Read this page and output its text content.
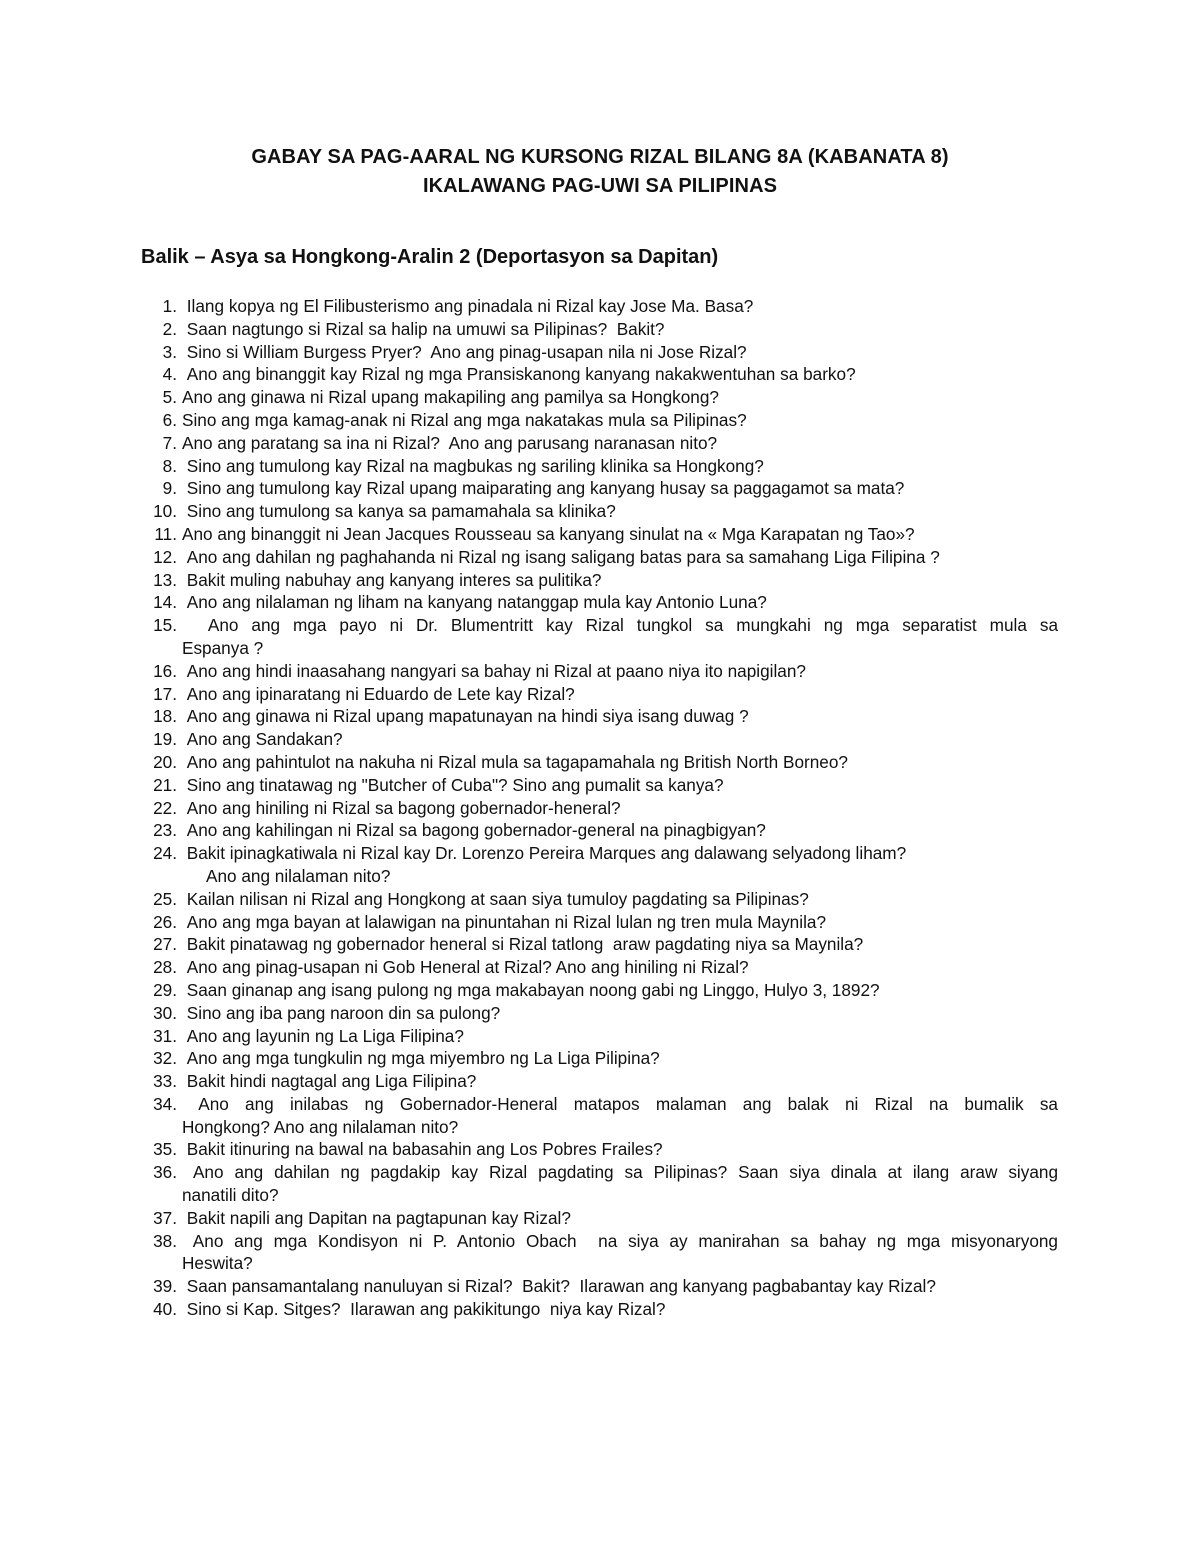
GABAY SA PAG-AARAL NG KURSONG RIZAL BILANG 8A (KABANATA 8)
IKALAWANG PAG-UWI SA PILIPINAS
Balik – Asya sa Hongkong-Aralin 2 (Deportasyon sa Dapitan)
1. Ilang kopya ng El Filibusterismo ang pinadala ni Rizal kay Jose Ma. Basa?
2. Saan nagtungo si Rizal sa halip na umuwi sa Pilipinas?  Bakit?
3. Sino si William Burgess Pryer?  Ano ang pinag-usapan nila ni Jose Rizal?
4. Ano ang binanggit kay Rizal ng mga Pransiskanong kanyang nakakwentuhan sa barko?
5. Ano ang ginawa ni Rizal upang makapiling ang pamilya sa Hongkong?
6. Sino ang mga kamag-anak ni Rizal ang mga nakatakas mula sa Pilipinas?
7. Ano ang paratang sa ina ni Rizal?  Ano ang parusang naranasan nito?
8. Sino ang tumulong kay Rizal na magbukas ng sariling klinika sa Hongkong?
9. Sino ang tumulong kay Rizal upang maiparating ang kanyang husay sa paggagamot sa mata?
10. Sino ang tumulong sa kanya sa pamamahala sa klinika?
11. Ano ang binanggit ni Jean Jacques Rousseau sa kanyang sinulat na « Mga Karapatan ng Tao»?
12. Ano ang dahilan ng paghahanda ni Rizal ng isang saligang batas para sa samahang Liga Filipina ?
13. Bakit muling nabuhay ang kanyang interes sa pulitika?
14. Ano ang nilalaman ng liham na kanyang natanggap mula kay Antonio Luna?
15. Ano ang mga payo ni Dr. Blumentritt kay Rizal tungkol sa mungkahi ng mga separatist mula sa
Espanya ?
16. Ano ang hindi inaasahang nangyari sa bahay ni Rizal at paano niya ito napigilan?
17. Ano ang ipinaratang ni Eduardo de Lete kay Rizal?
18. Ano ang ginawa ni Rizal upang mapatunayan na hindi siya isang duwag ?
19. Ano ang Sandakan?
20. Ano ang pahintulot na nakuha ni Rizal mula sa tagapamahala ng British North Borneo?
21. Sino ang tinatawag ng "Butcher of Cuba"? Sino ang pumalit sa kanya?
22. Ano ang hiniling ni Rizal sa bagong gobernador-heneral?
23. Ano ang kahilingan ni Rizal sa bagong gobernador-general na pinagbigyan?
24. Bakit ipinagkatiwala ni Rizal kay Dr. Lorenzo Pereira Marques ang dalawang selyadong liham?
Ano ang nilalaman nito?
25. Kailan nilisan ni Rizal ang Hongkong at saan siya tumuloy pagdating sa Pilipinas?
26. Ano ang mga bayan at lalawigan na pinuntahan ni Rizal lulan ng tren mula Maynila?
27. Bakit pinatawag ng gobernador heneral si Rizal tatlong  araw pagdating niya sa Maynila?
28. Ano ang pinag-usapan ni Gob Heneral at Rizal? Ano ang hiniling ni Rizal?
29. Saan ginanap ang isang pulong ng mga makabayan noong gabi ng Linggo, Hulyo 3, 1892?
30. Sino ang iba pang naroon din sa pulong?
31. Ano ang layunin ng La Liga Filipina?
32. Ano ang mga tungkulin ng mga miyembro ng La Liga Pilipina?
33. Bakit hindi nagtagal ang Liga Filipina?
34. Ano ang inilabas ng Gobernador-Heneral matapos malaman ang balak ni Rizal na bumalik sa
Hongkong? Ano ang nilalaman nito?
35. Bakit itinuring na bawal na babasahin ang Los Pobres Frailes?
36. Ano ang dahilan ng pagdakip kay Rizal pagdating sa Pilipinas? Saan siya dinala at ilang araw siyang
nanatili dito?
37. Bakit napili ang Dapitan na pagtapunan kay Rizal?
38. Ano ang mga Kondisyon ni P. Antonio Obach  na siya ay manirahan sa bahay ng mga misyonaryong
Heswita?
39. Saan pansamantalang nanuluyan si Rizal?  Bakit?  Ilarawan ang kanyang pagbabantay kay Rizal?
40. Sino si Kap. Sitges?  Ilarawan ang pakikitungo  niya kay Rizal?
